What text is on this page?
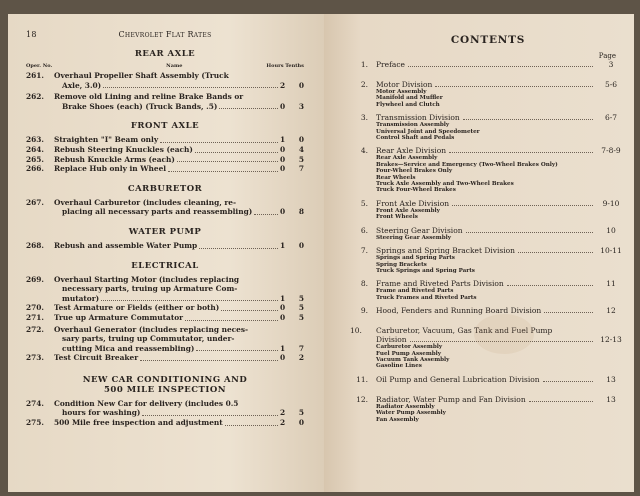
18	Chevrolet Flat Rates
REAR AXLE
Oper. No.	Name	Hours Tenths
261.	Overhaul Propeller Shaft Assembly (Truck
Axle, 3.0)	2 0
262.	Remove old Lining and reline Brake Bands or
Brake Shoes (each) (Truck Bands, .5)	0 3
FRONT AXLE
263.	Straighten "I" Beam only	1 0
264.	Rebush Steering Knuckles (each)	0 4
265.	Rebush Knuckle Arms (each)	0 5
266.	Replace Hub only in Wheel	0 7
CARBURETOR
267.	Overhaul Carburetor (includes cleaning, re-
placing all necessary parts and reassembling)	0 8
WATER PUMP
268.	Rebush and assemble Water Pump	1 0
ELECTRICAL
269.	Overhaul Starting Motor (includes replacing
necessary parts, truing up Armature Com-
mutator)	1 5
270.	Test Armature or Fields (either or both)	0 5
271.	True up Armature Commutator	0 5
272.	Overhaul Generator (includes replacing neces-
sary parts, truing up Commutator, under-
cutting Mica and reassembling)	1 7
273.	Test Circuit Breaker	0 2
NEW CAR CONDITIONING AND 500 MILE INSPECTION
274.	Condition New Car for delivery (includes 0.5
hours for washing)	2 5
275.	500 Mile free inspection and adjustment	2 0
CONTENTS
Page
1. Preface	3
2. Motor Division	5-6
Motor Assembly
Manifold and Muffler
Flywheel and Clutch
3. Transmission Division	6-7
Transmission Assembly
Universal Joint and Speedometer
Control Shaft and Pedals
4. Rear Axle Division	7-8-9
Rear Axle Assembly
Brakes—Service and Emergency (Two-Wheel Brakes Only)
Four-Wheel Brakes Only
Rear Wheels
Truck Axle Assembly and Two-Wheel Brakes
Truck Four-Wheel Brakes
5. Front Axle Division	9-10
Front Axle Assembly
Front Wheels
6. Steering Gear Division	10
Steering Gear Assembly
7. Springs and Spring Bracket Division	10-11
Springs and Spring Parts
Spring Brackets
Truck Springs and Spring Parts
8. Frame and Riveted Parts Division	11
Frame and Riveted Parts
Truck Frames and Riveted Parts
9. Hood, Fenders and Running Board Division	12
10.	Carburetor, Vacuum, Gas Tank and Fuel Pump
Division	12-13
Carburetor Assembly
Fuel Pump Assembly
Vacuum Tank Assembly
Gasoline Lines
11. Oil Pump and General Lubrication Division	13
12. Radiator, Water Pump and Fan Division	13
Radiator Assembly
Water Pump Assembly
Fan Assembly
